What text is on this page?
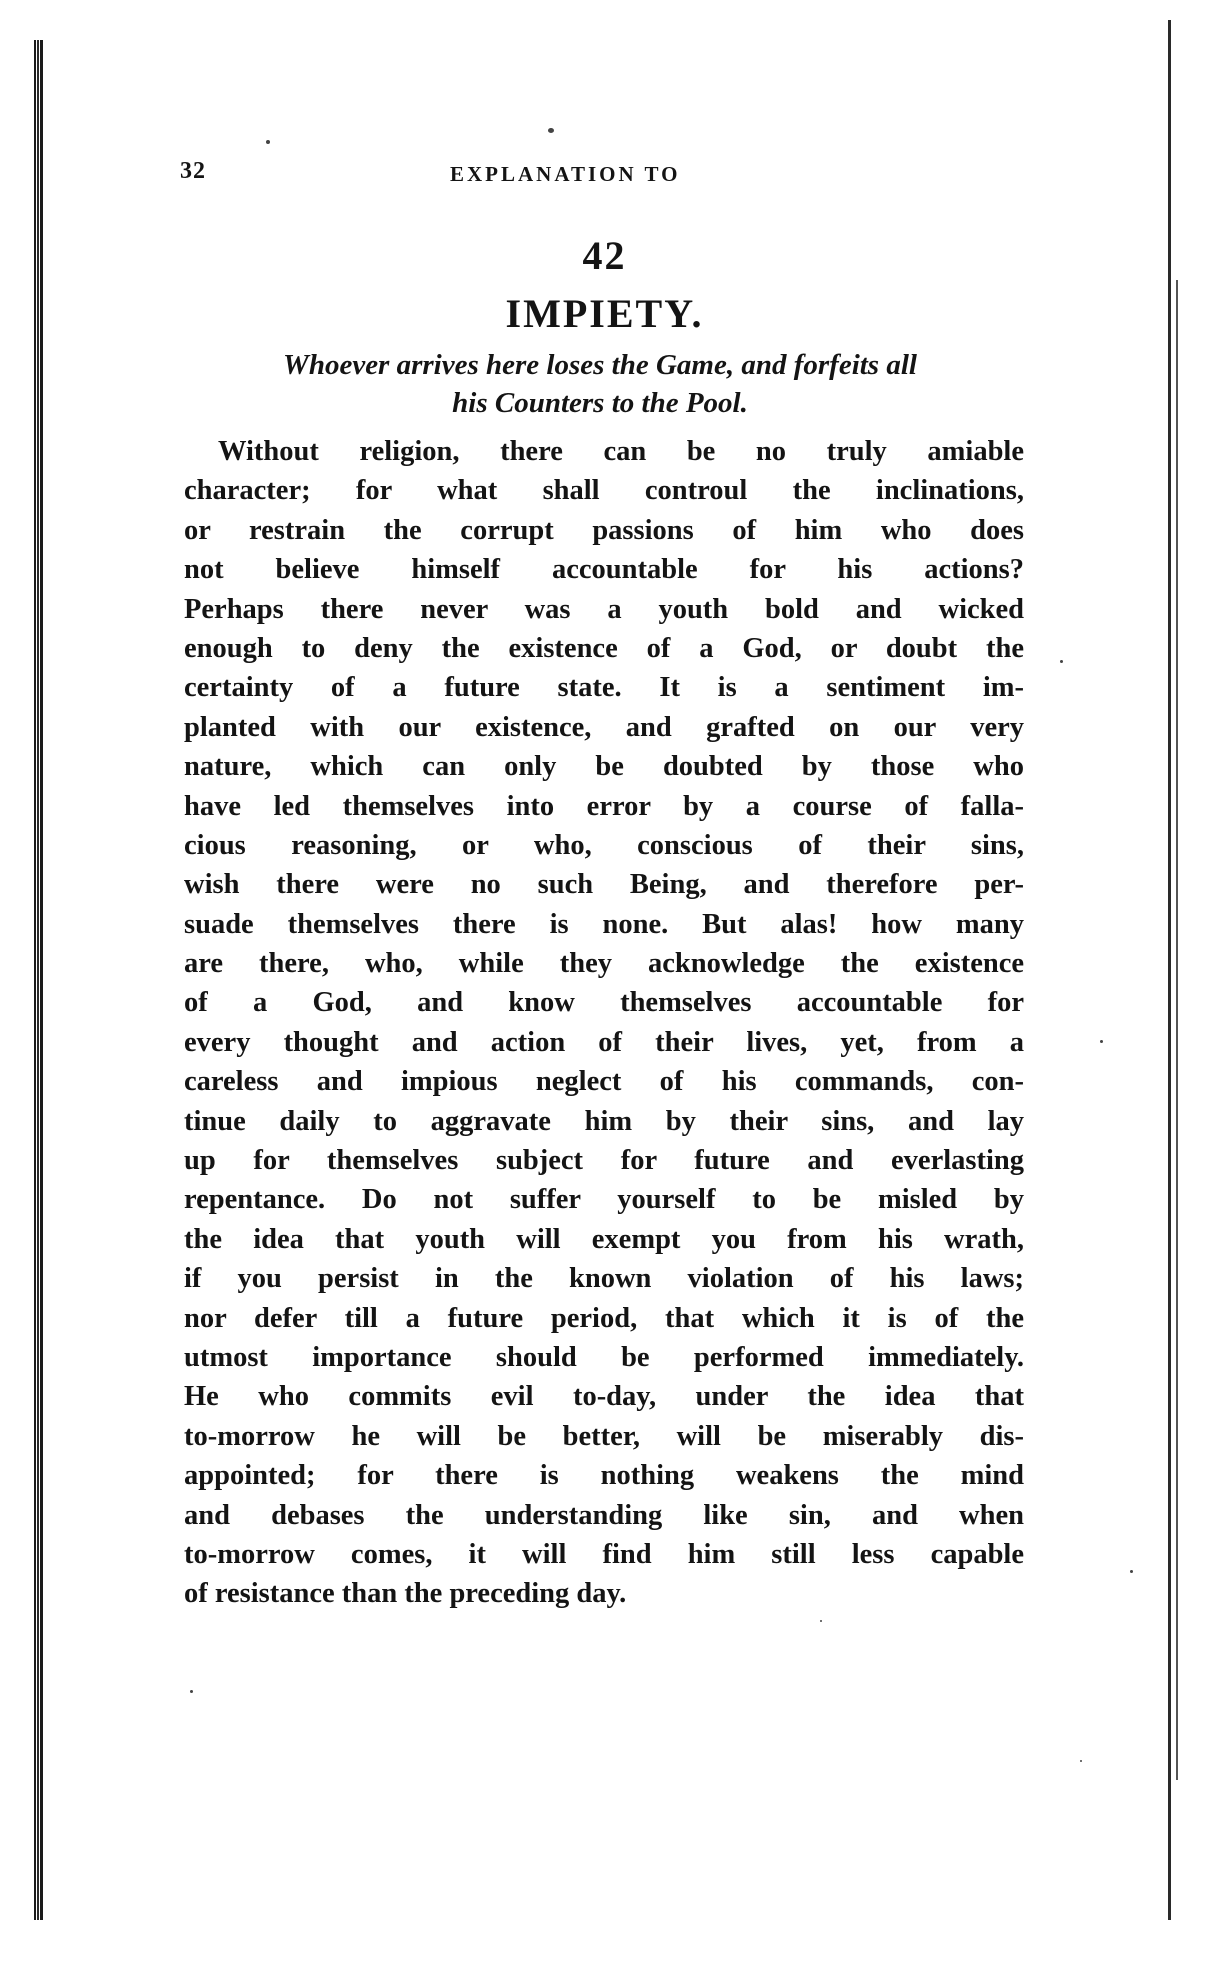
32	EXPLANATION TO
42
IMPIETY.
Whoever arrives here loses the Game, and forfeits all
his Counters to the Pool.
Without religion, there can be no truly amiable
character; for what shall controul the inclinations,
or restrain the corrupt passions of him who does
not believe himself accountable for his actions?
Perhaps there never was a youth bold and wicked
enough to deny the existence of a God, or doubt the
certainty of a future state. It is a sentiment im-
planted with our existence, and grafted on our very
nature, which can only be doubted by those who
have led themselves into error by a course of falla-
cious reasoning, or who, conscious of their sins,
wish there were no such Being, and therefore per-
suade themselves there is none. But alas! how many
are there, who, while they acknowledge the existence
of a God, and know themselves accountable for
every thought and action of their lives, yet, from a
careless and impious neglect of his commands, con-
tinue daily to aggravate him by their sins, and lay
up for themselves subject for future and everlasting
repentance. Do not suffer yourself to be misled by
the idea that youth will exempt you from his wrath,
if you persist in the known violation of his laws;
nor defer till a future period, that which it is of the
utmost importance should be performed immediately.
He who commits evil to-day, under the idea that
to-morrow he will be better, will be miserably dis-
appointed; for there is nothing weakens the mind
and debases the understanding like sin, and when
to-morrow comes, it will find him still less capable
of resistance than the preceding day.
